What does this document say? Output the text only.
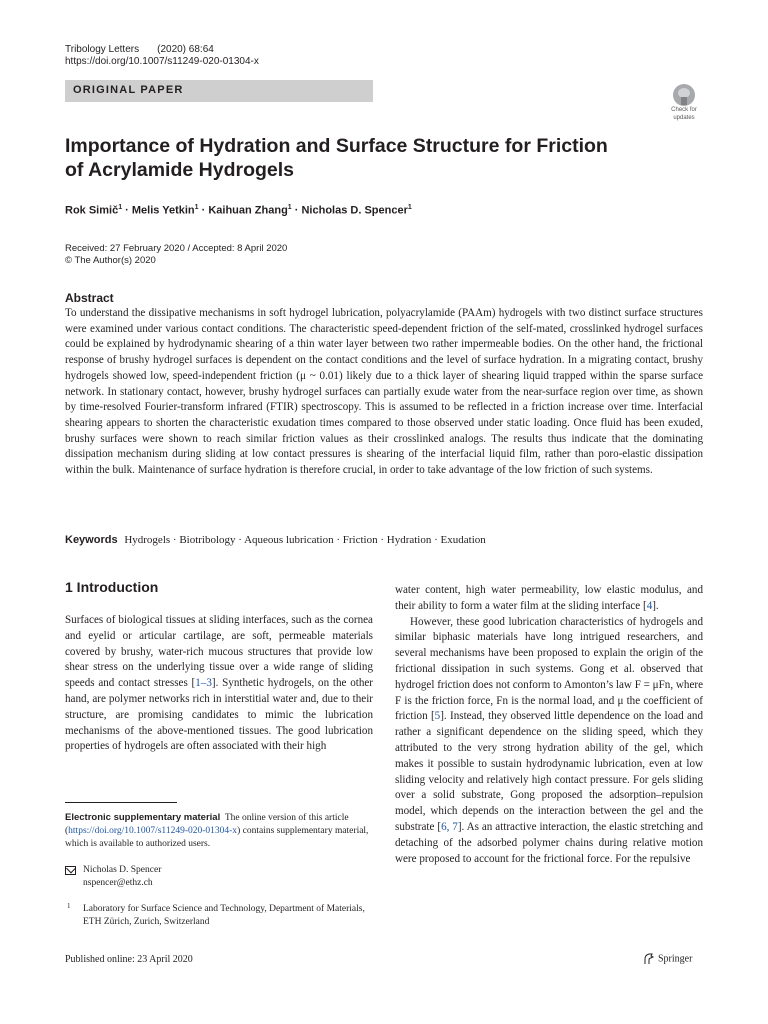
Tribology Letters (2020) 68:64
https://doi.org/10.1007/s11249-020-01304-x
ORIGINAL PAPER
Check for
updates
Importance of Hydration and Surface Structure for Friction of Acrylamide Hydrogels
Rok Simič$^1$ · Melis Yetkin$^1$ · Kaihuan Zhang$^1$ · Nicholas D. Spencer$^1$
Received: 27 February 2020 / Accepted: 8 April 2020
© The Author(s) 2020
Abstract
To understand the dissipative mechanisms in soft hydrogel lubrication, polyacrylamide (PAAm) hydrogels with two distinct surface structures were examined under various contact conditions. The characteristic speed-dependent friction of the self-mated, crosslinked hydrogel surfaces could be explained by hydrodynamic shearing of a thin water layer between two rather impermeable bodies. On the other hand, the frictional response of brushy hydrogel surfaces is dependent on the contact conditions and the level of surface hydration. In a migrating contact, brushy hydrogels showed low, speed-independent friction (μ ~ 0.01) likely due to a thick layer of shearing liquid trapped within the sparse surface network. In stationary contact, however, brushy hydrogel surfaces can partially exude water from the near-surface region over time, as shown by time-resolved Fourier-transform infrared (FTIR) spectroscopy. This is assumed to be reflected in a friction increase over time. Interfacial shearing appears to shorten the characteristic exudation times compared to those observed under static loading. Once fluid has been exuded, brushy surfaces were shown to reach similar friction values as their crosslinked analogs. The results thus indicate that the dominating dissipation mechanism during sliding at low contact pressures is shearing of the interfacial liquid film, rather than poro-elastic dissipation within the bulk. Maintenance of surface hydration is therefore crucial, in order to take advantage of the low friction of such systems.
Keywords Hydrogels · Biotribology · Aqueous lubrication · Friction · Hydration · Exudation
1 Introduction
Surfaces of biological tissues at sliding interfaces, such as the cornea and eyelid or articular cartilage, are soft, permeable materials covered by brushy, water-rich mucous structures that provide low shear stress on the underlying tissue over a wide range of sliding speeds and contact stresses [1–3]. Synthetic hydrogels, on the other hand, are polymer networks rich in interstitial water and, due to their structure, are promising candidates to mimic the lubrication mechanisms of the above-mentioned tissues. The good lubrication properties of hydrogels are often associated with their high

water content, high water permeability, low elastic modulus, and their ability to form a water film at the sliding interface [4].

However, these good lubrication characteristics of hydrogels and similar biphasic materials have long intrigued researchers, and several mechanisms have been proposed to explain the origin of the frictional dissipation in such systems. Gong et al. observed that hydrogel friction does not conform to Amonton’s law F = μFn, where F is the friction force, Fn is the normal load, and μ the coefficient of friction [5]. Instead, they observed little dependence on the load and rather a significant dependence on the sliding speed, which they attributed to the very strong hydration ability of the gel, which makes it possible to sustain hydrodynamic lubrication, even at low sliding velocity and relatively high contact pressure. For gels sliding over a solid substrate, Gong proposed the adsorption–repulsion model, which depends on the interaction between the gel and the substrate [6, 7]. As an attractive interaction, the elastic stretching and detaching of the adsorbed polymer chains during relative motion were proposed to account for the frictional force. For the repulsive

Electronic supplementary material The online version of this article (https://doi.org/10.1007/s11249-020-01304-x) contains supplementary material, which is available to authorized users.
Nicholas D. Spencer
nspencer@ethz.ch
1 Laboratory for Surface Science and Technology, Department of Materials, ETH Zürich, Zurich, Switzerland
Published online: 23 April 2020	Springer
